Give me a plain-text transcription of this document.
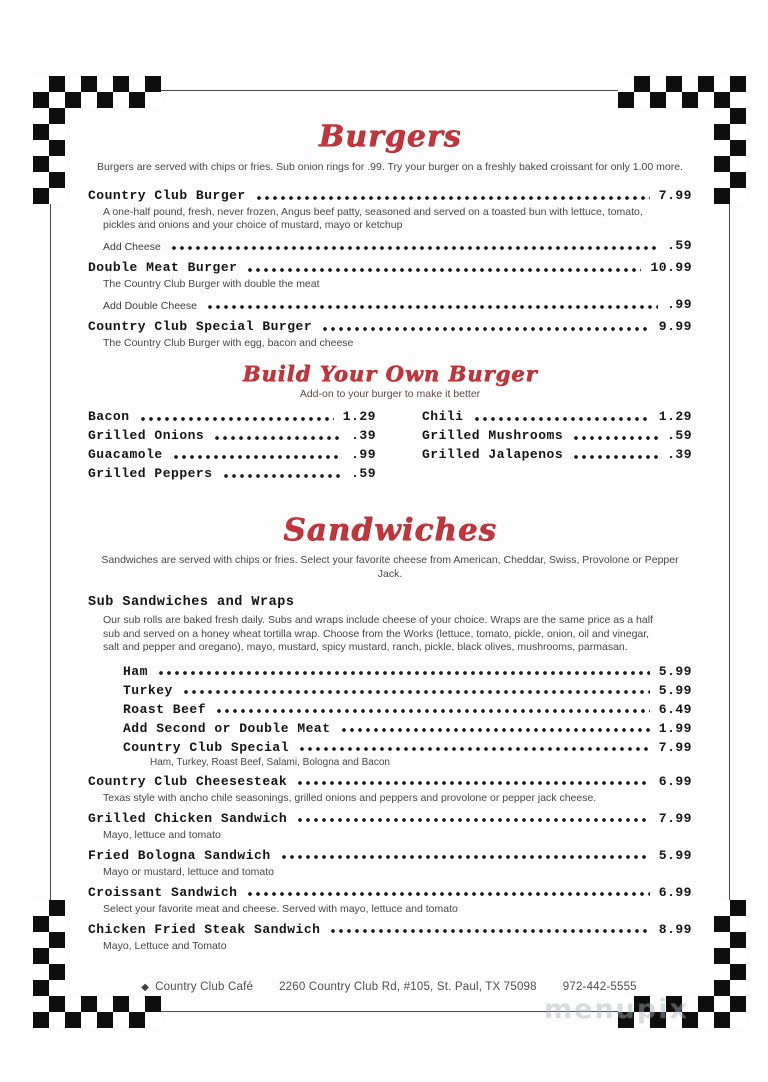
Burgers
Burgers are served with chips or fries. Sub onion rings for .99. Try your burger on a freshly baked croissant for only 1.00 more.
Country Club Burger	7.99
A one-half pound, fresh, never frozen, Angus beef patty, seasoned and served on a toasted bun with lettuce, tomato, pickles and onions and your choice of mustard, mayo or ketchup
Add Cheese	.59
Double Meat Burger	10.99
The Country Club Burger with double the meat
Add Double Cheese	.99
Country Club Special Burger	9.99
The Country Club Burger with egg, bacon and cheese
Build Your Own Burger
Add-on to your burger to make it better
Bacon	1.29
Grilled Onions	.39
Guacamole	.99
Grilled Peppers	.59
Chili	1.29
Grilled Mushrooms	.59
Grilled Jalapenos	.39
Sandwiches
Sandwiches are served with chips or fries. Select your favorite cheese from American, Cheddar, Swiss, Provolone or Pepper Jack.
Sub Sandwiches and Wraps
Our sub rolls are baked fresh daily. Subs and wraps include cheese of your choice. Wraps are the same price as a half sub and served on a honey wheat tortilla wrap. Choose from the Works (lettuce, tomato, pickle, onion, oil and vinegar, salt and pepper and oregano), mayo, mustard, spicy mustard, ranch, pickle, black olives, mushrooms, parmasan.
Ham	5.99
Turkey	5.99
Roast Beef	6.49
Add Second or Double Meat	1.99
Country Club Special	7.99
Ham, Turkey, Roast Beef, Salami, Bologna and Bacon
Country Club Cheesesteak	6.99
Texas style with ancho chile seasonings, grilled onions and peppers and provolone or pepper jack cheese.
Grilled Chicken Sandwich	7.99
Mayo, lettuce and tomato
Fried Bologna Sandwich	5.99
Mayo or mustard, lettuce and tomato
Croissant Sandwich	6.99
Select your favorite meat and cheese. Served with mayo, lettuce and tomato
Chicken Fried Steak Sandwich	8.99
Mayo, Lettuce and Tomato
◆ Country Club Café 2260 Country Club Rd, #105, St. Paul, TX 75098 972-442-5555
menupix
